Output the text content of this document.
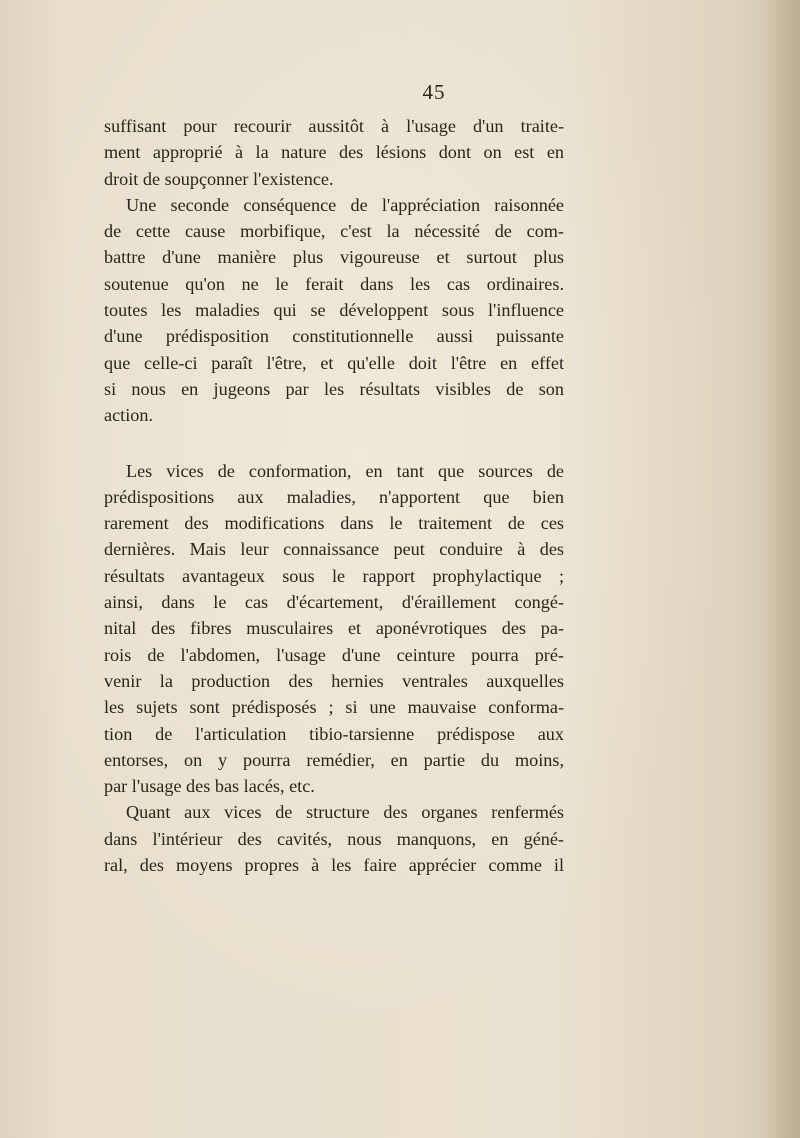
45
suffisant pour recourir aussitôt à l'usage d'un traite-
ment approprié à la nature des lésions dont on est en
droit de soupçonner l'existence.
Une seconde conséquence de l'appréciation raisonnée
de cette cause morbifique, c'est la nécessité de com-
battre d'une manière plus vigoureuse et surtout plus
soutenue qu'on ne le ferait dans les cas ordinaires.
toutes les maladies qui se développent sous l'influence
d'une prédisposition constitutionnelle aussi puissante
que celle-ci paraît l'être, et qu'elle doit l'être en effet
si nous en jugeons par les résultats visibles de son
action.
Les vices de conformation, en tant que sources de
prédispositions aux maladies, n'apportent que bien
rarement des modifications dans le traitement de ces
dernières. Mais leur connaissance peut conduire à des
résultats avantageux sous le rapport prophylactique ;
ainsi, dans le cas d'écartement, d'éraillement congé-
nital des fibres musculaires et aponévrotiques des pa-
rois de l'abdomen, l'usage d'une ceinture pourra pré-
venir la production des hernies ventrales auxquelles
les sujets sont prédisposés ; si une mauvaise conforma-
tion de l'articulation tibio-tarsienne prédispose aux
entorses, on y pourra remédier, en partie du moins,
par l'usage des bas lacés, etc.
Quant aux vices de structure des organes renfermés
dans l'intérieur des cavités, nous manquons, en géné-
ral, des moyens propres à les faire apprécier comme il
